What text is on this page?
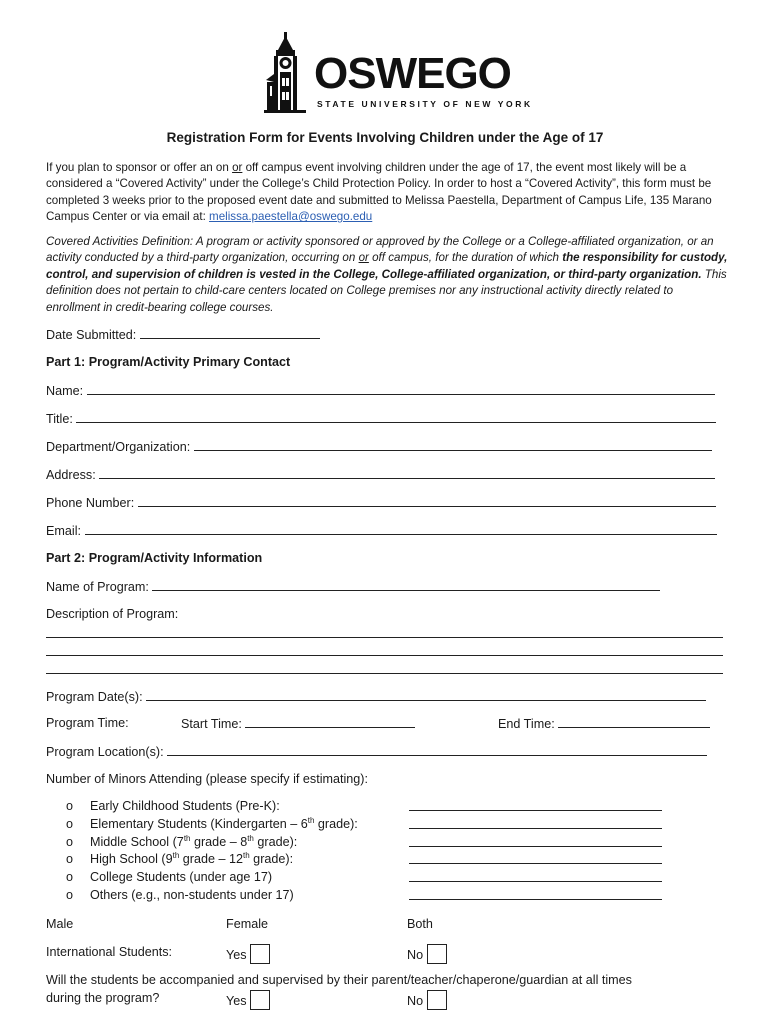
OSWEGO
STATE UNIVERSITY OF NEW YORK
Registration Form for Events Involving Children under the Age of 17
If you plan to sponsor or offer an on or off campus event involving children under the age of 17, the event most likely will be a considered a “Covered Activity” under the College’s Child Protection Policy. In order to host a “Covered Activity”, this form must be completed 3 weeks prior to the proposed event date and submitted to Melissa Paestella, Department of Campus Life, 135 Marano Campus Center or via email at: melissa.paestella@oswego.edu
Covered Activities Definition: A program or activity sponsored or approved by the College or a College-affiliated organization, or an activity conducted by a third-party organization, occurring on or off campus, for the duration of which the responsibility for custody, control, and supervision of children is vested in the College, College-affiliated organization, or third-party organization. This definition does not pertain to child-care centers located on College premises nor any instructional activity directly related to enrollment in credit-bearing college courses.
Date Submitted:
Part 1: Program/Activity Primary Contact
Name:
Title:
Department/Organization:
Address:
Phone Number:
Email:
Part 2: Program/Activity Information
Name of Program:
Description of Program:
Program Date(s):
Program Time:	Start Time:	End Time:
Program Location(s):
Number of Minors Attending (please specify if estimating):
o Early Childhood Students (Pre-K):
o Elementary Students (Kindergarten – 6th grade):
o Middle School (7th grade – 8th grade):
o High School (9th grade – 12th grade):
o College Students (under age 17)
o Others (e.g., non-students under 17)
Male	Female	Both
International Students:	Yes	No
Will the students be accompanied and supervised by their parent/teacher/chaperone/guardian at all times
during the program?	Yes	No
